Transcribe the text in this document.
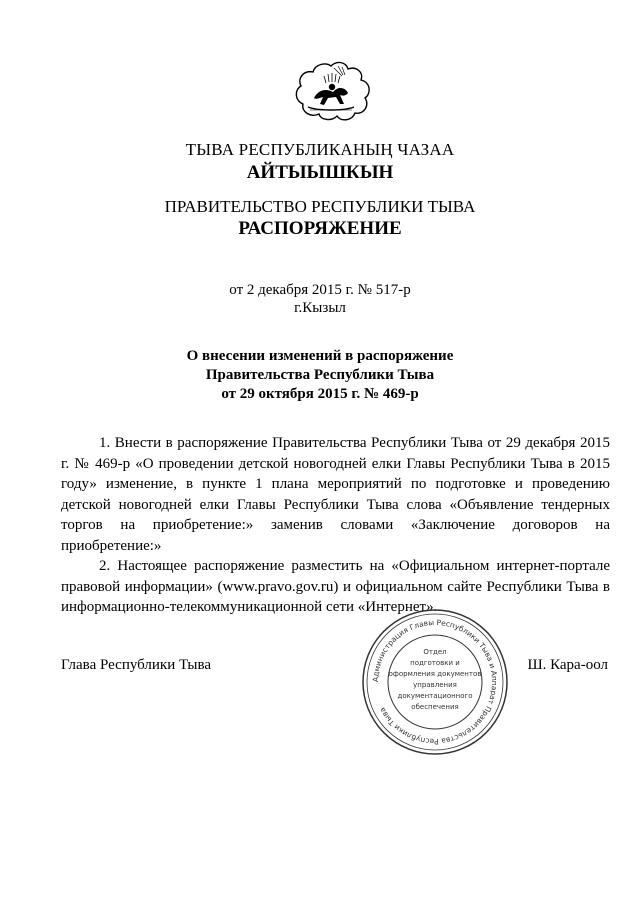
ТЫВА РЕСПУБЛИКАНЫҢ ЧАЗАА
АЙТЫЫШКЫН
ПРАВИТЕЛЬСТВО РЕСПУБЛИКИ ТЫВА
РАСПОРЯЖЕНИЕ
от 2 декабря 2015 г. № 517-р
г.Кызыл
О внесении изменений в распоряжение
Правительства Республики Тыва
от 29 октября 2015 г. № 469-р

1. Внести в распоряжение Правительства Республики Тыва от 29 декабря 2015 г. № 469-р «О проведении детской новогодней елки Главы Республики Тыва в 2015 году» изменение, в пункте 1 плана мероприятий по подготовке и проведению детской новогодней елки Главы Республики Тыва слова «Объявление тендерных торгов на приобретение:» заменив словами «Заключение договоров на приобретение:»

2. Настоящее распоряжение разместить на «Официальном интернет-портале правовой информации» (www.pravo.gov.ru) и официальном сайте Республики Тыва в информационно-телекоммуникационной сети «Интернет».

Глава Республики Тыва	Ш. Кара-оол
Администрация Главы Республики Тыва и Аппарат Правительства Республики Тыва
Отдел
подготовки и
оформления документов
управления
документационного
обеспечения
